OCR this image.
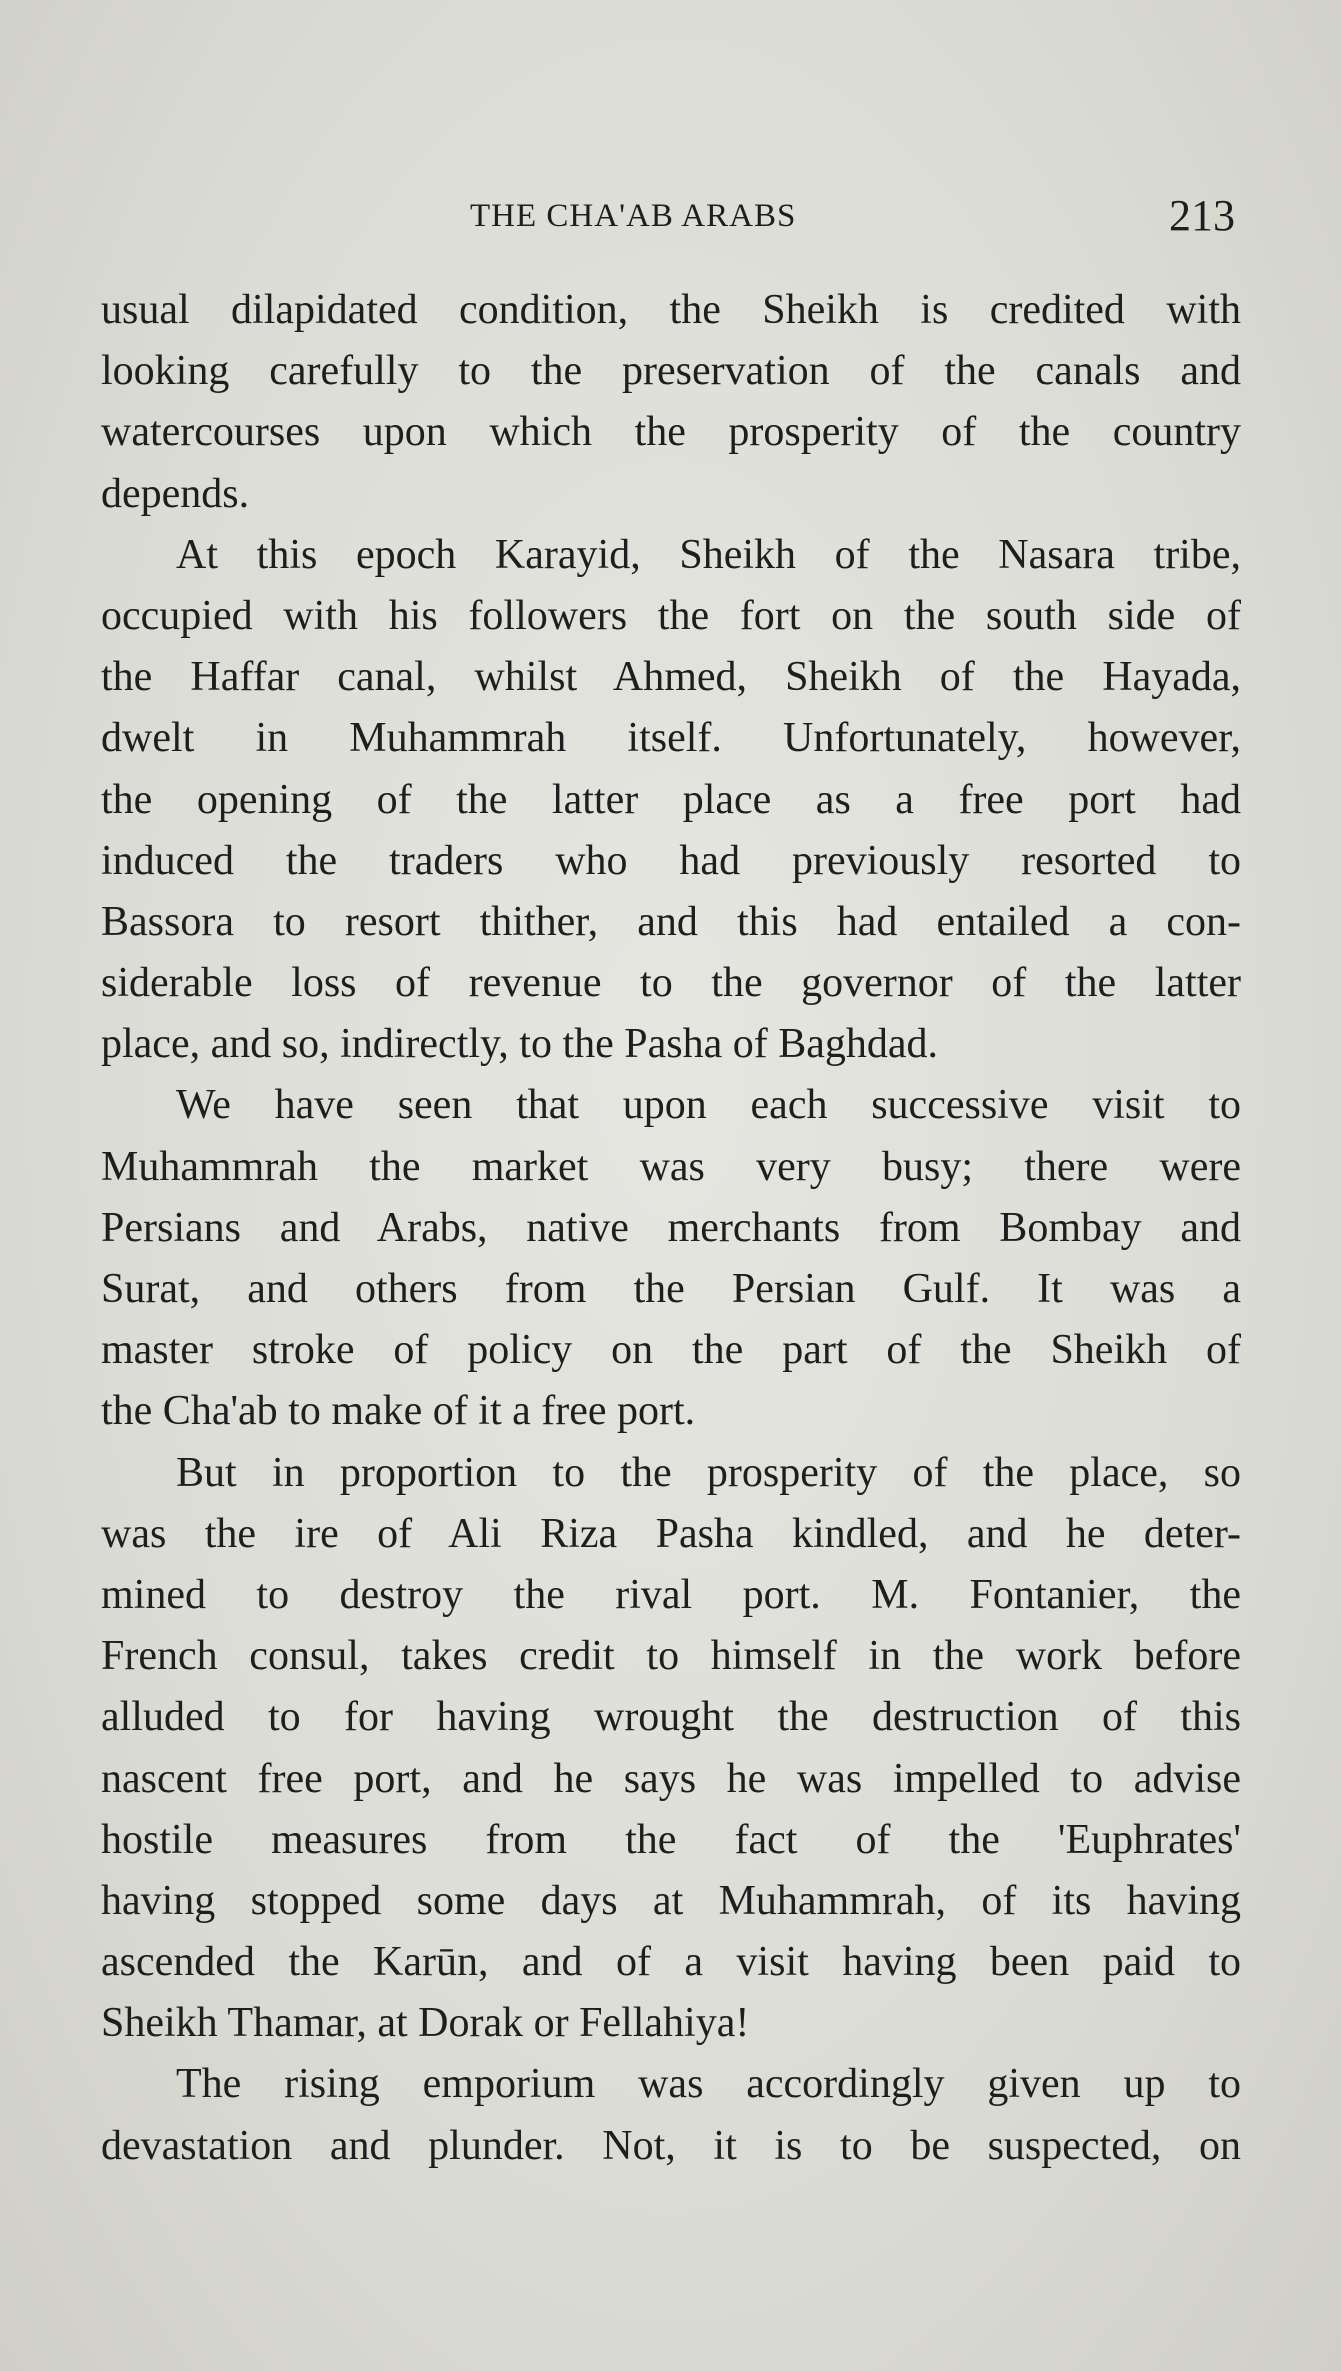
THE CHA'AB ARABS	213
usual dilapidated condition, the Sheikh is credited with
looking carefully to the preservation of the canals and
watercourses upon which the prosperity of the country
depends.
At this epoch Karayid, Sheikh of the Nasara tribe,
occupied with his followers the fort on the south side of
the Haffar canal, whilst Ahmed, Sheikh of the Hayada,
dwelt in Muhammrah itself. Unfortunately, however,
the opening of the latter place as a free port had
induced the traders who had previously resorted to
Bassora to resort thither, and this had entailed a con-
siderable loss of revenue to the governor of the latter
place, and so, indirectly, to the Pasha of Baghdad.
We have seen that upon each successive visit to
Muhammrah the market was very busy; there were
Persians and Arabs, native merchants from Bombay and
Surat, and others from the Persian Gulf. It was a
master stroke of policy on the part of the Sheikh of
the Cha'ab to make of it a free port.
But in proportion to the prosperity of the place, so
was the ire of Ali Riza Pasha kindled, and he deter-
mined to destroy the rival port. M. Fontanier, the
French consul, takes credit to himself in the work before
alluded to for having wrought the destruction of this
nascent free port, and he says he was impelled to advise
hostile measures from the fact of the 'Euphrates'
having stopped some days at Muhammrah, of its having
ascended the Karūn, and of a visit having been paid to
Sheikh Thamar, at Dorak or Fellahiya!
The rising emporium was accordingly given up to
devastation and plunder. Not, it is to be suspected, on
